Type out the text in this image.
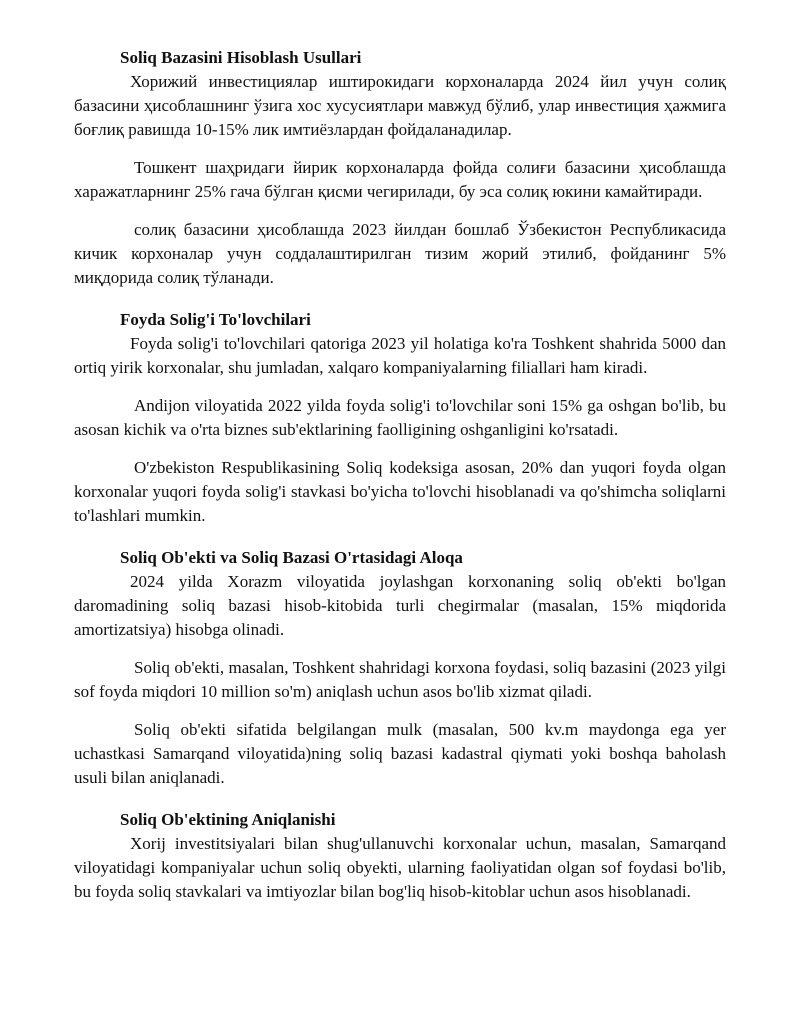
Soliq Bazasini Hisoblash Usullari

Хорижий инвестициялар иштирокидаги корхоналарда 2024 йил учун солиқ базасини ҳисоблашнинг ўзига хос хусусиятлари мавжуд бўлиб, улар инвестиция ҳажмига боғлиқ равишда 10-15% лик имтиёзлардан фойдаланадилар.

Тошкент шаҳридаги йирик корхоналарда фойда солиғи базасини ҳисоблашда харажатларнинг 25% гача бўлган қисми чегирилади, бу эса солиқ юкини камайтиради.

солиқ базасини ҳисоблашда 2023 йилдан бошлаб Ўзбекистон Республикасида кичик корхоналар учун соддалаштирилган тизим жорий этилиб, фойданинг 5% миқдорида солиқ тўланади.

Foyda Solig'i To'lovchilari

Foyda solig'i to'lovchilari qatoriga 2023 yil holatiga ko'ra Toshkent shahrida 5000 dan ortiq yirik korxonalar, shu jumladan, xalqaro kompaniyalarning filiallari ham kiradi.

Andijon viloyatida 2022 yilda foyda solig'i to'lovchilar soni 15% ga oshgan bo'lib, bu asosan kichik va o'rta biznes sub'ektlarining faolligining oshganligini ko'rsatadi.

O'zbekiston Respublikasining Soliq kodeksiga asosan, 20% dan yuqori foyda olgan korxonalar yuqori foyda solig'i stavkasi bo'yicha to'lovchi hisoblanadi va qo'shimcha soliqlarni to'lashlari mumkin.

Soliq Ob'ekti va Soliq Bazasi O'rtasidagi Aloqa

2024 yilda Xorazm viloyatida joylashgan korxonaning soliq ob'ekti bo'lgan daromadining soliq bazasi hisob-kitobida turli chegirmalar (masalan, 15% miqdorida amortizatsiya) hisobga olinadi.

Soliq ob'ekti, masalan, Toshkent shahridagi korxona foydasi, soliq bazasini (2023 yilgi sof foyda miqdori 10 million so'm) aniqlash uchun asos bo'lib xizmat qiladi.

Soliq ob'ekti sifatida belgilangan mulk (masalan, 500 kv.m maydonga ega yer uchastkasi Samarqand viloyatida)ning soliq bazasi kadastral qiymati yoki boshqa baholash usuli bilan aniqlanadi.

Soliq Ob'ektining Aniqlanishi

Xorij investitsiyalari bilan shug'ullanuvchi korxonalar uchun, masalan, Samarqand viloyatidagi kompaniyalar uchun soliq obyekti, ularning faoliyatidan olgan sof foydasi bo'lib, bu foyda soliq stavkalari va imtiyozlar bilan bog'liq hisob-kitoblar uchun asos hisoblanadi.
